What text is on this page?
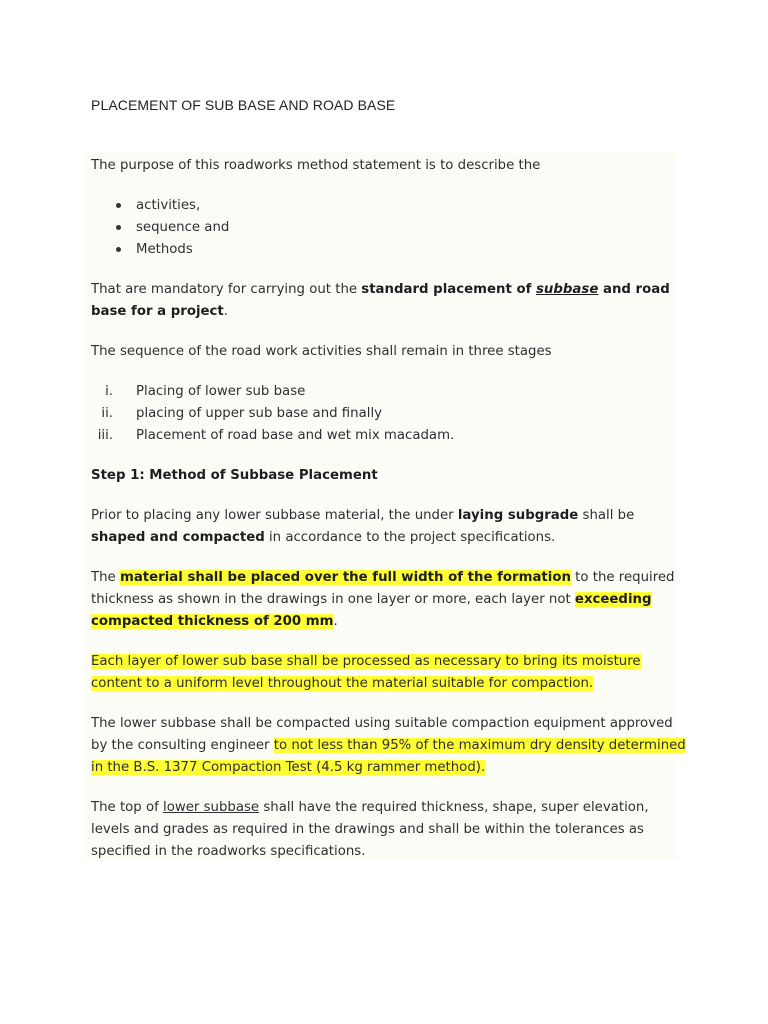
PLACEMENT OF SUB BASE AND ROAD BASE

The purpose of this roadworks method statement is to describe the

activities,
sequence and
Methods

That are mandatory for carrying out the standard placement of subbase and road base for a project.

The sequence of the road work activities shall remain in three stages

i. Placing of lower sub base
ii. placing of upper sub base and finally
iii. Placement of road base and wet mix macadam.

Step 1: Method of Subbase Placement

Prior to placing any lower subbase material, the under laying subgrade shall be shaped and compacted in accordance to the project specifications.

The material shall be placed over the full width of the formation to the required thickness as shown in the drawings in one layer or more, each layer not exceeding compacted thickness of 200 mm.

Each layer of lower sub base shall be processed as necessary to bring its moisture content to a uniform level throughout the material suitable for compaction.

The lower subbase shall be compacted using suitable compaction equipment approved by the consulting engineer to not less than 95% of the maximum dry density determined in the B.S. 1377 Compaction Test (4.5 kg rammer method).

The top of lower subbase shall have the required thickness, shape, super elevation, levels and grades as required in the drawings and shall be within the tolerances as specified in the roadworks specifications.
